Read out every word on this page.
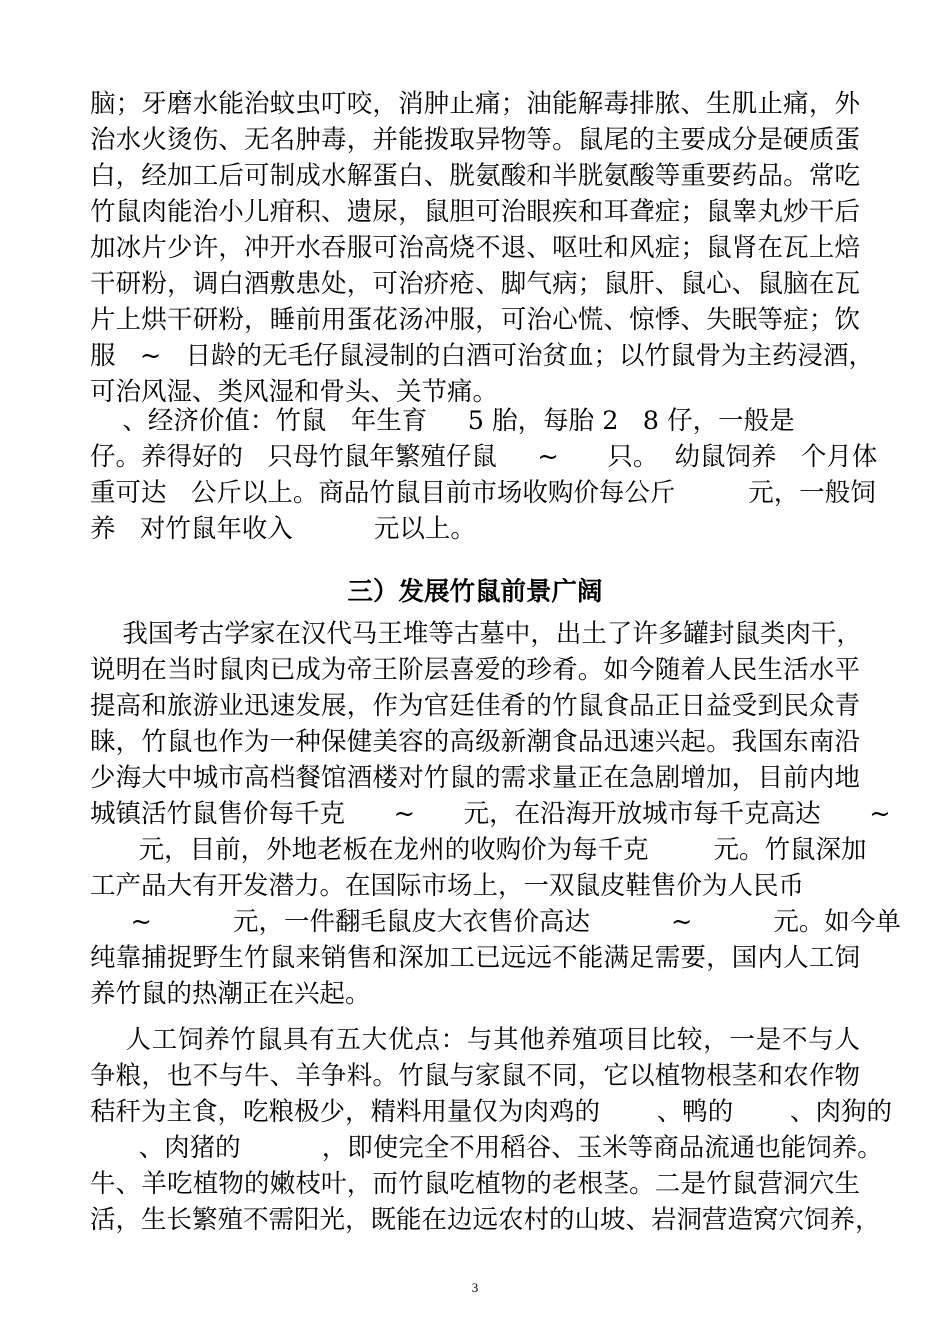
脑；牙磨水能治蚊虫叮咬，消肿止痛；油能解毒排脓、生肌止痛，外
治水火烫伤、无名肿毒，并能拨取异物等。鼠尾的主要成分是硬质蛋
白，经加工后可制成水解蛋白、胱氨酸和半胱氨酸等重要药品。常吃
竹鼠肉能治小儿疳积、遗尿，鼠胆可治眼疾和耳聋症；鼠睾丸炒干后
加冰片少许，冲开水吞服可治高烧不退、呕吐和风症；鼠肾在瓦上焙
干研粉，调白酒敷患处，可治疥疮、脚气病；鼠肝、鼠心、鼠脑在瓦
片上烘干研粉，睡前用蛋花汤冲服，可治心慌、惊悸、失眠等症；饮
服   ~   日龄的无毛仔鼠浸制的白酒可治贫血；以竹鼠骨为主药浸酒，
可治风湿、类风湿和骨头、关节痛。
、经济价值：竹鼠   年生育     5 胎，每胎 2   8 仔，一般是
仔。养得好的   只母竹鼠年繁殖仔鼠     ~      只。  幼鼠饲养   个月体
重可达   公斤以上。商品竹鼠目前市场收购价每公斤         元，一般饲
养   对竹鼠年收入          元以上。
三）发展竹鼠前景广阔
我国考古学家在汉代马王堆等古墓中，出土了许多罐封鼠类肉干，
说明在当时鼠肉已成为帝王阶层喜爱的珍肴。如今随着人民生活水平
提高和旅游业迅速发展，作为官廷佳肴的竹鼠食品正日益受到民众青
睐，竹鼠也作为一种保健美容的高级新潮食品迅速兴起。我国东南沿
少海大中城市高档餐馆酒楼对竹鼠的需求量正在急剧增加，目前内地
城镇活竹鼠售价每千克      ~      元，在沿海开放城市每千克高达      ~
元，目前，外地老板在龙州的收购价为每千克        元。竹鼠深加
工产品大有开发潜力。在国际市场上，一双鼠皮鞋售价为人民币
~          元，一件翻毛鼠皮大衣售价高达          ~          元。如今单
纯靠捕捉野生竹鼠来销售和深加工已远远不能满足需要，国内人工饲
养竹鼠的热潮正在兴起。
人工饲养竹鼠具有五大优点：与其他养殖项目比较，一是不与人
争粮，也不与牛、羊争料。竹鼠与家鼠不同，它以植物根茎和农作物
秸秆为主食，吃粮极少，精料用量仅为肉鸡的       、鸭的       、肉狗的
、肉猪的          ，即使完全不用稻谷、玉米等商品流通也能饲养。
牛、羊吃植物的嫩枝叶，而竹鼠吃植物的老根茎。二是竹鼠营洞穴生
活，生长繁殖不需阳光，既能在边远农村的山坡、岩洞营造窝穴饲养，
3
